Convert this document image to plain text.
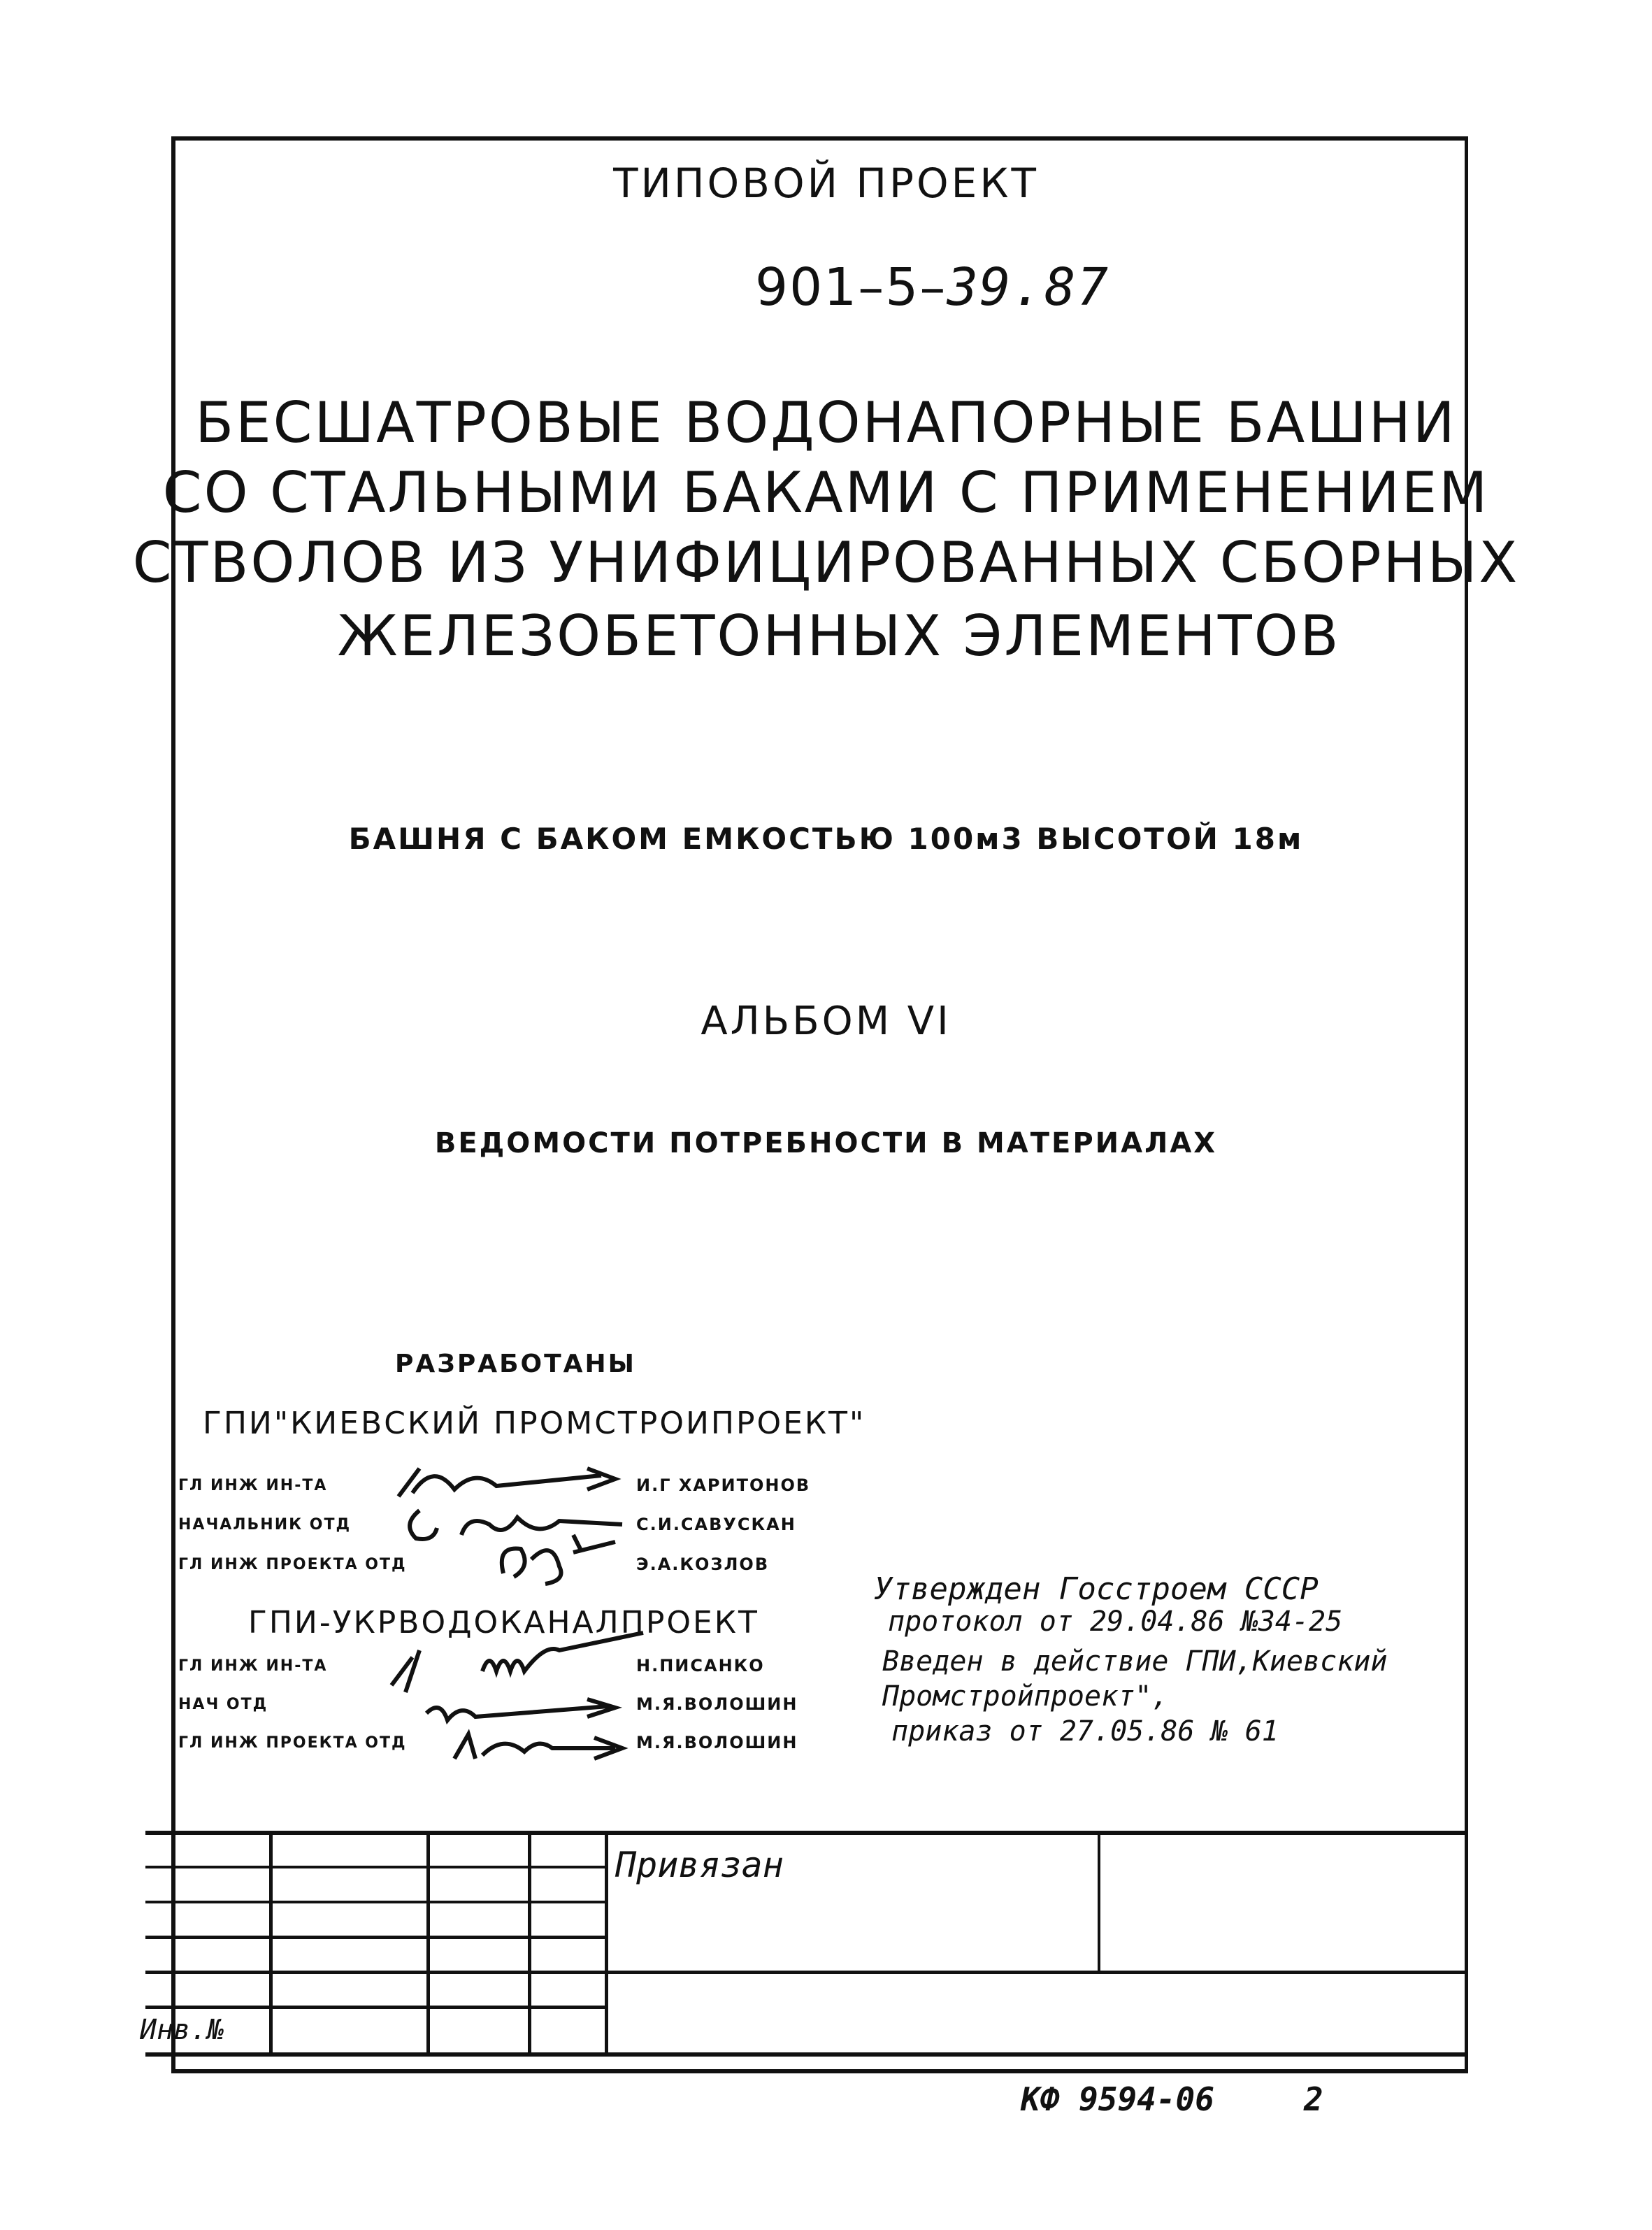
ТИПОВОЙ ПРОЕКТ
901–5–39.87
БЕСШАТРОВЫЕ ВОДОНАПОРНЫЕ БАШНИ
СО СТАЛЬНЫМИ БАКАМИ С ПРИМЕНЕНИЕМ
СТВОЛОВ ИЗ УНИФИЦИРОВАННЫХ СБОРНЫХ
ЖЕЛЕЗОБЕТОННЫХ ЭЛЕМЕНТОВ
БАШНЯ С БАКОМ ЕМКОСТЬЮ 100м3 ВЫСОТОЙ 18м
АЛЬБОМ VI
ВЕДОМОСТИ ПОТРЕБНОСТИ В МАТЕРИАЛАХ
РАЗРАБОТАНЫ
ГПИ"КИЕВСКИЙ ПРОМСТРОИПРОЕКТ"
ГЛ ИНЖ ИН-ТА	И.Г ХАРИТОНОВ
НАЧАЛЬНИК ОТД	С.И.САВУСКАН
ГЛ ИНЖ ПРОЕКТА ОТД	Э.А.КОЗЛОВ
ГПИ-УКРВОДОКАНАЛПРОЕКТ
ГЛ ИНЖ ИН-ТА	Н.ПИСАНКО
НАЧ ОТД	М.Я.ВОЛОШИН
ГЛ ИНЖ ПРОЕКТА ОТД	М.Я.ВОЛОШИН
Утвержден Госстроем СССР
протокол от 29.04.86 №34-25
Введен в действие ГПИ,Киевский
Промстройпроект",
приказ от 27.05.86 № 61
Привязан
Инв.№
КФ 9594-06	2
